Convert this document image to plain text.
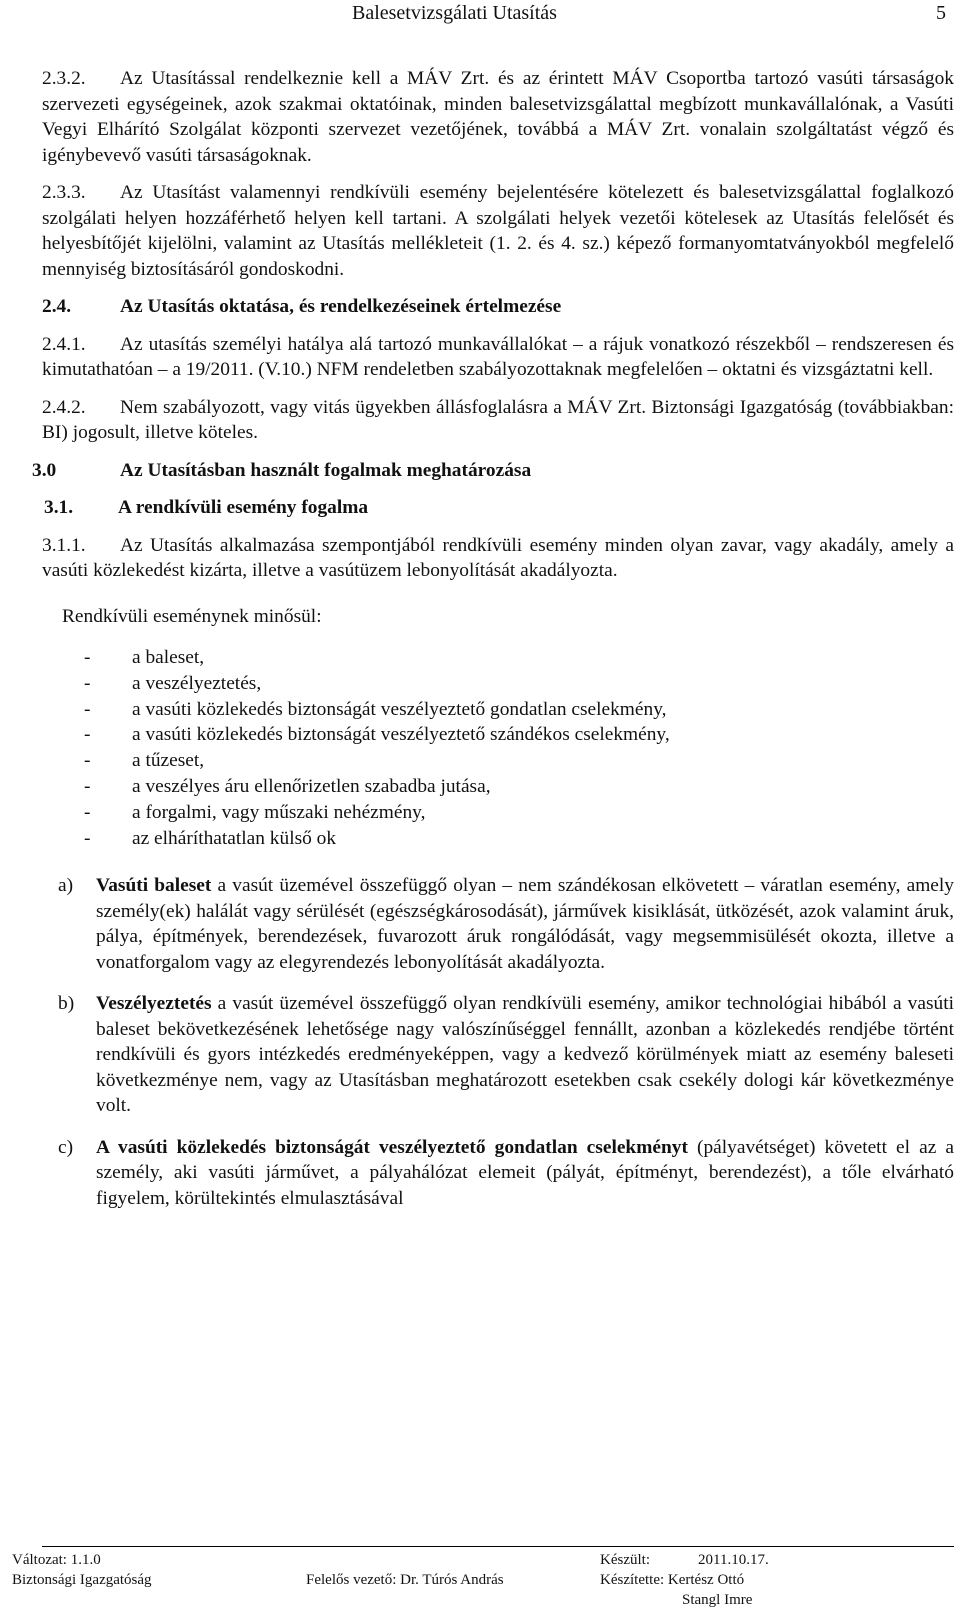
Balesetvizsgálati Utasítás	5
2.3.2. Az Utasítással rendelkeznie kell a MÁV Zrt. és az érintett MÁV Csoportba tartozó vasúti társaságok szervezeti egységeinek, azok szakmai oktatóinak, minden balesetvizsgálattal megbízott munkavállalónak, a Vasúti Vegyi Elhárító Szolgálat központi szervezet vezetőjének, továbbá a MÁV Zrt. vonalain szolgáltatást végző és igénybevevő vasúti társaságoknak.
2.3.3. Az Utasítást valamennyi rendkívüli esemény bejelentésére kötelezett és balesetvizsgálattal foglalkozó szolgálati helyen hozzáférhető helyen kell tartani. A szolgálati helyek vezetői kötelesek az Utasítás felelősét és helyesbítőjét kijelölni, valamint az Utasítás mellékleteit (1. 2. és 4. sz.) képező formanyomtatványokból megfelelő mennyiség biztosításáról gondoskodni.
2.4.	Az Utasítás oktatása, és rendelkezéseinek értelmezése
2.4.1. Az utasítás személyi hatálya alá tartozó munkavállalókat – a rájuk vonatkozó részekből – rendszeresen és kimutathatóan – a 19/2011. (V.10.) NFM rendeletben szabályozottaknak megfelelően – oktatni és vizsgáztatni kell.
2.4.2. Nem szabályozott, vagy vitás ügyekben állásfoglalásra a MÁV Zrt. Biztonsági Igazgatóság (továbbiakban: BI) jogosult, illetve köteles.
3.0	Az Utasításban használt fogalmak meghatározása
3.1. A rendkívüli esemény fogalma
3.1.1. Az Utasítás alkalmazása szempontjából rendkívüli esemény minden olyan zavar, vagy akadály, amely a vasúti közlekedést kizárta, illetve a vasútüzem lebonyolítását akadályozta.
Rendkívüli eseménynek minősül:
- a baleset,
- a veszélyeztetés,
- a vasúti közlekedés biztonságát veszélyeztető gondatlan cselekmény,
- a vasúti közlekedés biztonságát veszélyeztető szándékos cselekmény,
- a tűzeset,
- a veszélyes áru ellenőrizetlen szabadba jutása,
- a forgalmi, vagy műszaki nehézmény,
- az elháríthatatlan külső ok
a) Vasúti baleset a vasút üzemével összefüggő olyan – nem szándékosan elkövetett – váratlan esemény, amely személy(ek) halálát vagy sérülését (egészségkárosodását), járművek kisiklását, ütközését, azok valamint áruk, pálya, építmények, berendezések, fuvarozott áruk rongálódását, vagy megsemmisülését okozta, illetve a vonatforgalom vagy az elegyrendezés lebonyolítását akadályozta.
b) Veszélyeztetés a vasút üzemével összefüggő olyan rendkívüli esemény, amikor technológiai hibából a vasúti baleset bekövetkezésének lehetősége nagy valószínűséggel fennállt, azonban a közlekedés rendjébe történt rendkívüli és gyors intézkedés eredményeképpen, vagy a kedvező körülmények miatt az esemény baleseti következménye nem, vagy az Utasításban meghatározott esetekben csak csekély dologi kár következménye volt.
c) A vasúti közlekedés biztonságát veszélyeztető gondatlan cselekményt (pályavétséget) követett el az a személy, aki vasúti járművet, a pályahálózat elemeit (pályát, építményt, berendezést), a tőle elvárható figyelem, körültekintés elmulasztásával
Változat: 1.1.0
Biztonsági Igazgatóság	Felelős vezető: Dr. Túrós András
Készült:	2011.10.17.
Készítette: Kertész Ottó
Stangl Imre
